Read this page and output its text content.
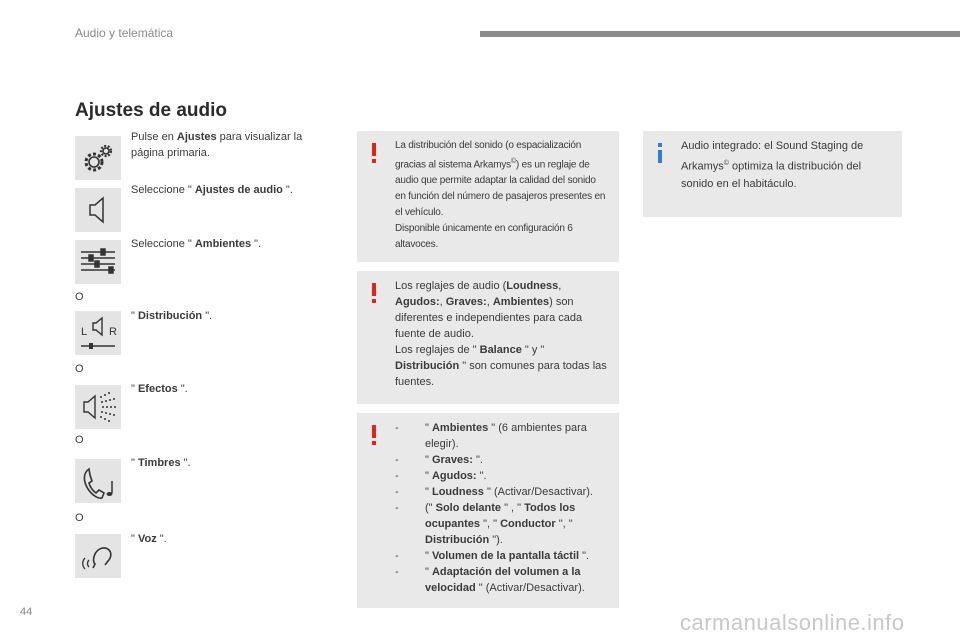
Audio y telemática
Ajustes de audio
Pulse en Ajustes para visualizar la página primaria.
Seleccione " Ajustes de audio ".
Seleccione " Ambientes ".
O
L R
" Distribución ".
O
" Efectos ".
O
" Timbres ".
O
" Voz ".
La distribución del sonido (o espacialización gracias al sistema Arkamys©) es un reglaje de audio que permite adaptar la calidad del sonido en función del número de pasajeros presentes en el vehículo.
Disponible únicamente en configuración 6 altavoces.
Los reglajes de audio (Loudness, Agudos:, Graves:, Ambientes) son diferentes e independientes para cada fuente de audio.
Los reglajes de " Balance " y " Distribución " son comunes para todas las fuentes.
- " Ambientes " (6 ambientes para elegir).
- " Graves: ".
- " Agudos: ".
- " Loudness " (Activar/Desactivar).
- (" Solo delante " , " Todos los ocupantes ", " Conductor ", " Distribución ").
- " Volumen de la pantalla táctil ".
- " Adaptación del volumen a la velocidad " (Activar/Desactivar).
Audio integrado: el Sound Staging de Arkamys© optimiza la distribución del sonido en el habitáculo.
44	carmanualsonline.info
